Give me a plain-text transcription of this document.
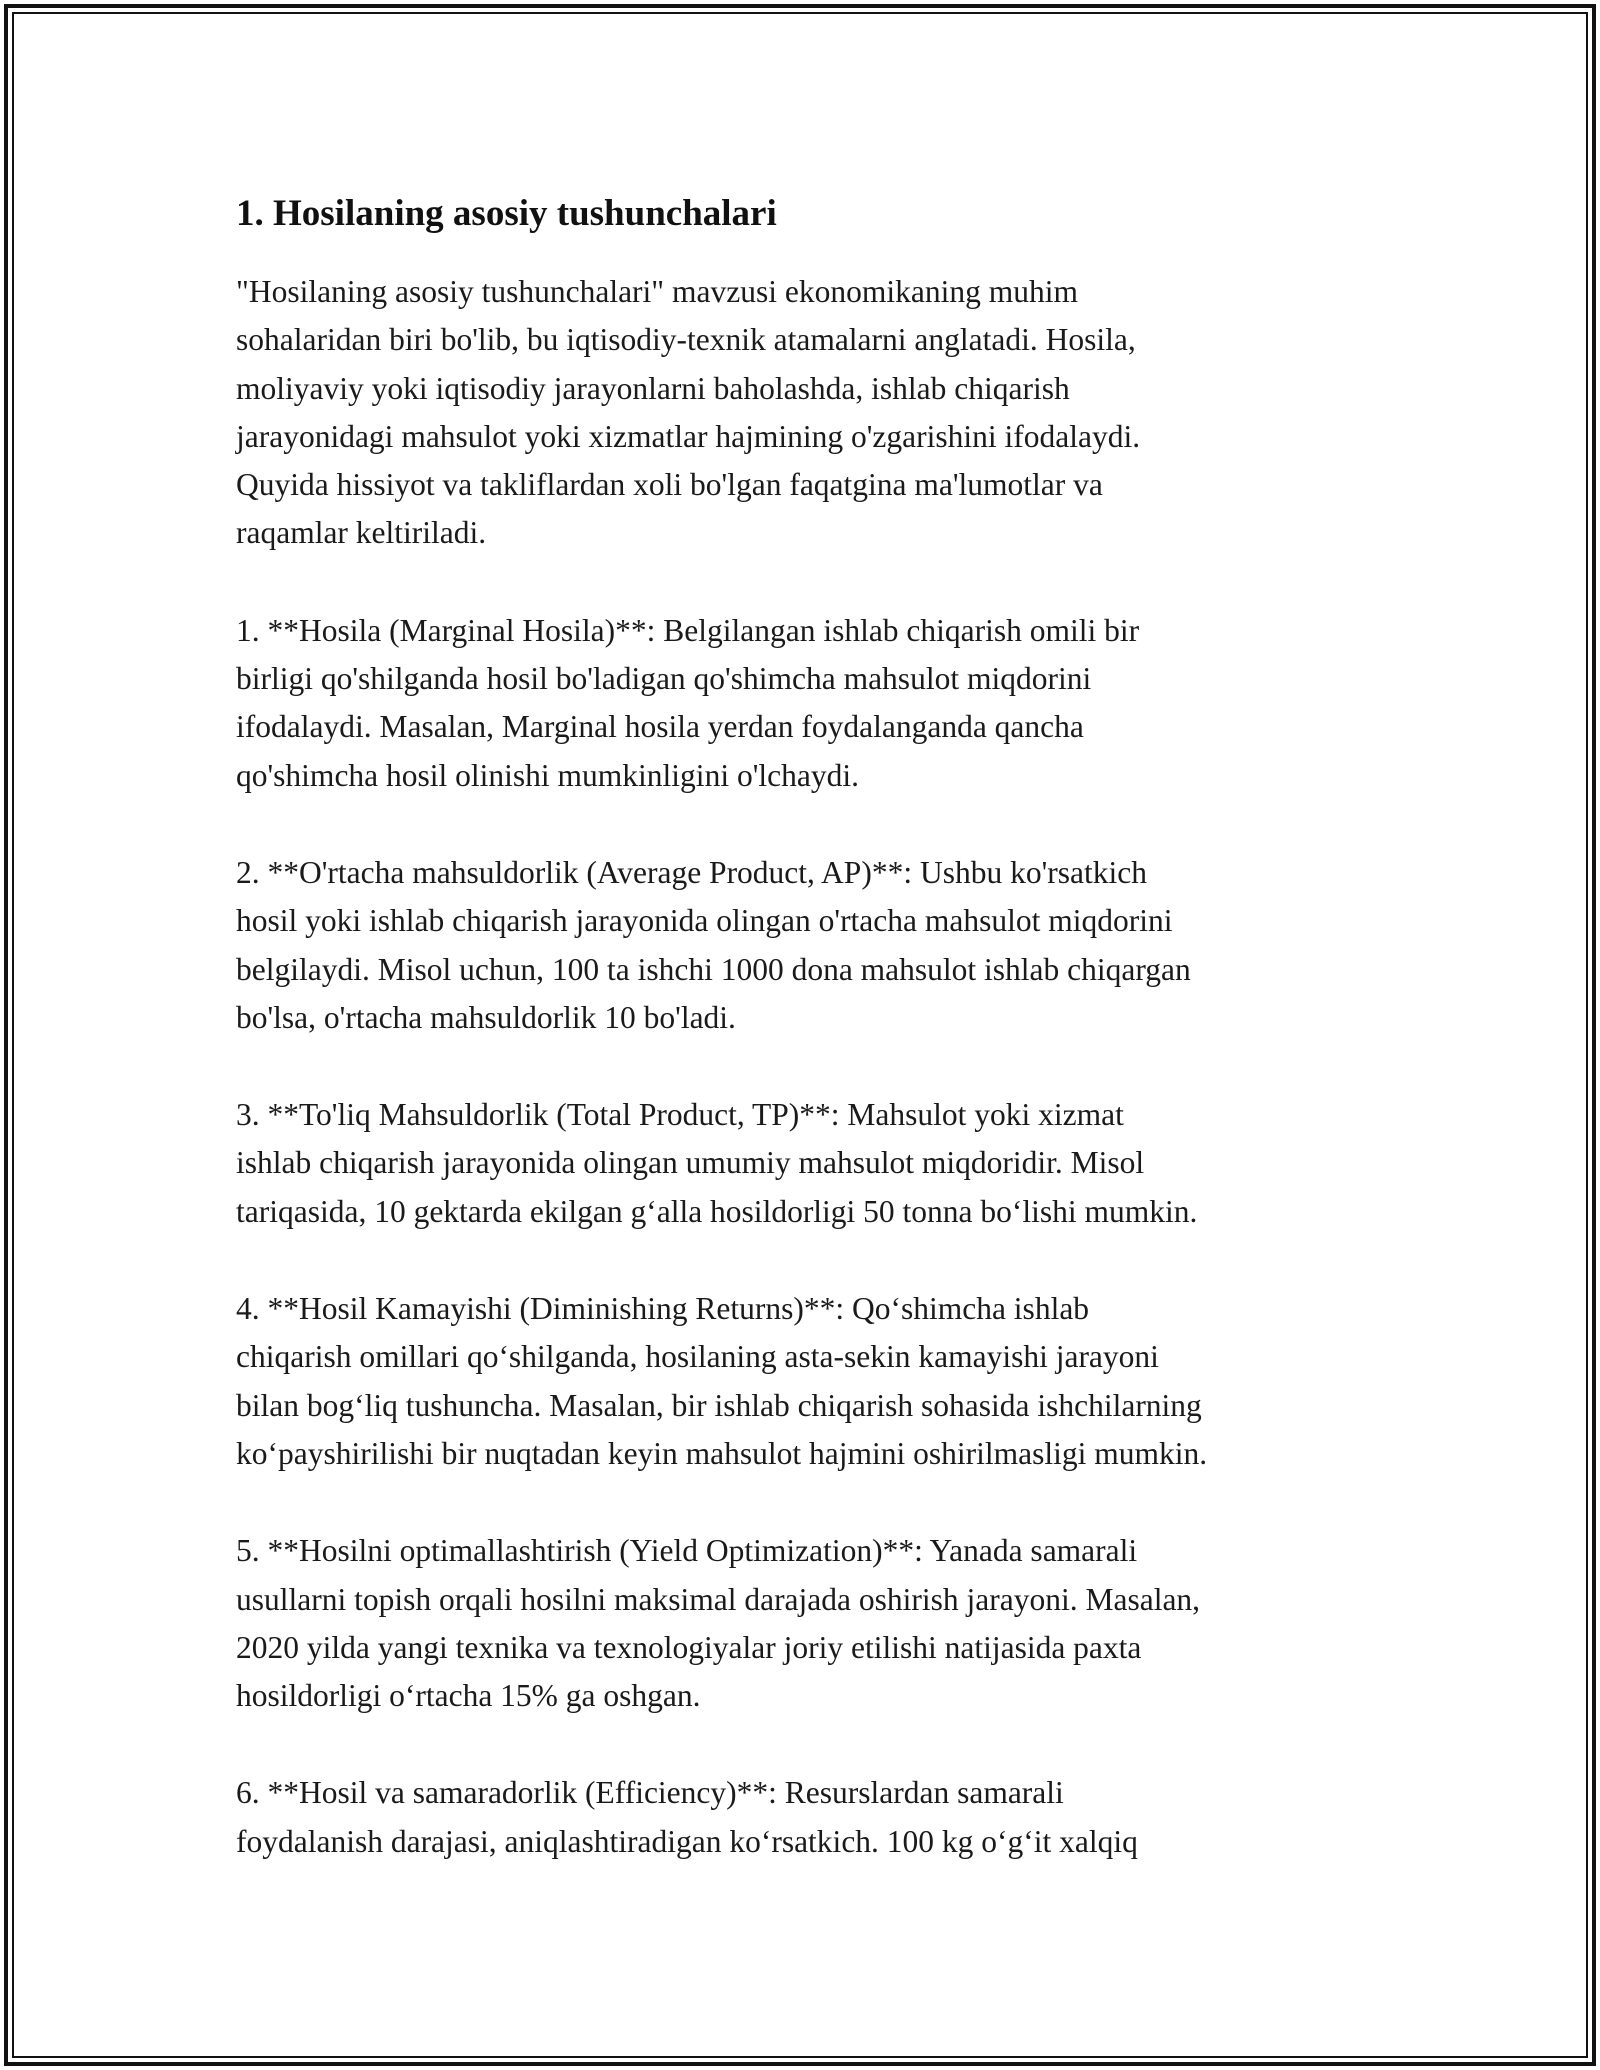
1. Hosilaning asosiy tushunchalari

"Hosilaning asosiy tushunchalari" mavzusi ekonomikaning muhim
sohalaridan biri bo'lib, bu iqtisodiy-texnik atamalarni anglatadi. Hosila,
moliyaviy yoki iqtisodiy jarayonlarni baholashda, ishlab chiqarish
jarayonidagi mahsulot yoki xizmatlar hajmining o'zgarishini ifodalaydi.
Quyida hissiyot va takliflardan xoli bo'lgan faqatgina ma'lumotlar va
raqamlar keltiriladi.

1. **Hosila (Marginal Hosila)**: Belgilangan ishlab chiqarish omili bir
birligi qo'shilganda hosil bo'ladigan qo'shimcha mahsulot miqdorini
ifodalaydi. Masalan, Marginal hosila yerdan foydalanganda qancha
qo'shimcha hosil olinishi mumkinligini o'lchaydi.

2. **O'rtacha mahsuldorlik (Average Product, AP)**: Ushbu ko'rsatkich
hosil yoki ishlab chiqarish jarayonida olingan o'rtacha mahsulot miqdorini
belgilaydi. Misol uchun, 100 ta ishchi 1000 dona mahsulot ishlab chiqargan
bo'lsa, o'rtacha mahsuldorlik 10 bo'ladi.

3. **To'liq Mahsuldorlik (Total Product, TP)**: Mahsulot yoki xizmat
ishlab chiqarish jarayonida olingan umumiy mahsulot miqdoridir. Misol
tariqasida, 10 gektarda ekilgan g‘alla hosildorligi 50 tonna bo‘lishi mumkin.

4. **Hosil Kamayishi (Diminishing Returns)**: Qo‘shimcha ishlab
chiqarish omillari qo‘shilganda, hosilaning asta-sekin kamayishi jarayoni
bilan bog‘liq tushuncha. Masalan, bir ishlab chiqarish sohasida ishchilarning
ko‘payshirilishi bir nuqtadan keyin mahsulot hajmini oshirilmasligi mumkin.

5. **Hosilni optimallashtirish (Yield Optimization)**: Yanada samarali
usullarni topish orqali hosilni maksimal darajada oshirish jarayoni. Masalan,
2020 yilda yangi texnika va texnologiyalar joriy etilishi natijasida paxta
hosildorligi o‘rtacha 15% ga oshgan.

6. **Hosil va samaradorlik (Efficiency)**: Resurslardan samarali
foydalanish darajasi, aniqlashtiradigan ko‘rsatkich. 100 kg o‘g‘it xalqiq
